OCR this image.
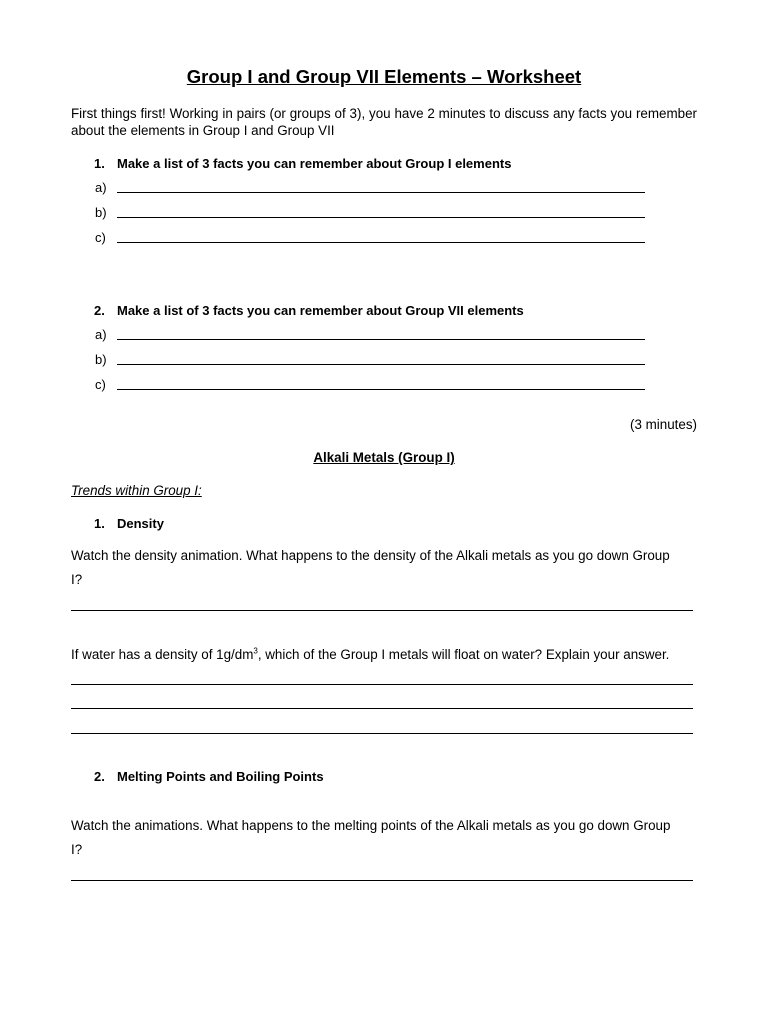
Group I and Group VII Elements – Worksheet
First things first! Working in pairs (or groups of 3), you have 2 minutes to discuss any facts you remember about the elements in Group I and Group VII
1. Make a list of 3 facts you can remember about Group I elements
a)
b)
c)
2. Make a list of 3 facts you can remember about Group VII elements
a)
b)
c)
(3 minutes)
Alkali Metals (Group I)
Trends within Group I:
1. Density
Watch the density animation. What happens to the density of the Alkali metals as you go down Group
I?
If water has a density of $1g/dm^3$, which of the Group I metals will float on water? Explain your answer.
2. Melting Points and Boiling Points
Watch the animations. What happens to the melting points of the Alkali metals as you go down Group
I?
